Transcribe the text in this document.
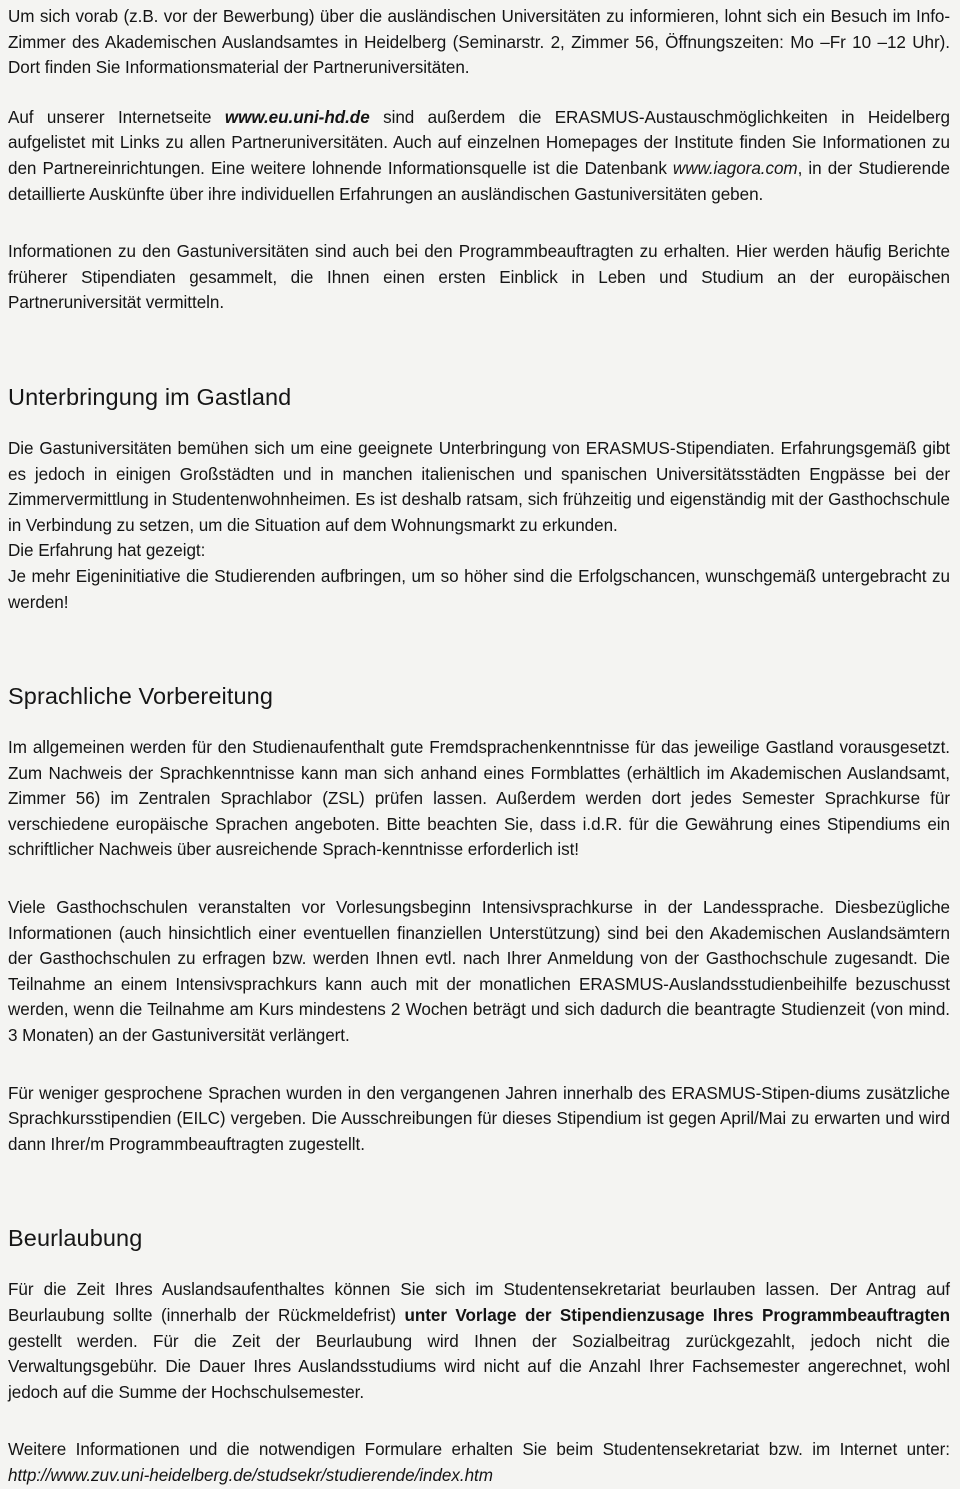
Um sich vorab (z.B. vor der Bewerbung) über die ausländischen Universitäten zu informieren, lohnt sich ein Besuch im Info-Zimmer des Akademischen Auslandsamtes in Heidelberg (Seminarstr. 2, Zimmer 56, Öffnungszeiten: Mo –Fr 10 –12 Uhr). Dort finden Sie Informationsmaterial der Partneruniversitäten.

Auf unserer Internetseite www.eu.uni-hd.de sind außerdem die ERASMUS-Austauschmöglichkeiten in Heidelberg aufgelistet mit Links zu allen Partneruniversitäten. Auch auf einzelnen Homepages der Institute finden Sie Informationen zu den Partnereinrichtungen. Eine weitere lohnende Informationsquelle ist die Datenbank www.iagora.com, in der Studierende detaillierte Auskünfte über ihre individuellen Erfahrungen an ausländischen Gastuniversitäten geben.

Informationen zu den Gastuniversitäten sind auch bei den Programmbeauftragten zu erhalten. Hier werden häufig Berichte früherer Stipendiaten gesammelt, die Ihnen einen ersten Einblick in Leben und Studium an der europäischen Partneruniversität vermitteln.

Unterbringung im Gastland

Die Gastuniversitäten bemühen sich um eine geeignete Unterbringung von ERASMUS-Stipendiaten. Erfahrungsgemäß gibt es jedoch in einigen Großstädten und in manchen italienischen und spanischen Universitätsstädten Engpässe bei der Zimmervermittlung in Studentenwohnheimen. Es ist deshalb ratsam, sich frühzeitig und eigenständig mit der Gasthochschule in Verbindung zu setzen, um die Situation auf dem Wohnungsmarkt zu erkunden.

Die Erfahrung hat gezeigt:

Je mehr Eigeninitiative die Studierenden aufbringen, um so höher sind die Erfolgschancen, wunschgemäß untergebracht zu werden!

Sprachliche Vorbereitung

Im allgemeinen werden für den Studienaufenthalt gute Fremdsprachenkenntnisse für das jeweilige Gastland vorausgesetzt. Zum Nachweis der Sprachkenntnisse kann man sich anhand eines Formblattes (erhältlich im Akademischen Auslandsamt, Zimmer 56) im Zentralen Sprachlabor (ZSL) prüfen lassen. Außerdem werden dort jedes Semester Sprachkurse für verschiedene europäische Sprachen angeboten. Bitte beachten Sie, dass i.d.R. für die Gewährung eines Stipendiums ein schriftlicher Nachweis über ausreichende Sprach-kenntnisse erforderlich ist!

Viele Gasthochschulen veranstalten vor Vorlesungsbeginn Intensivsprachkurse in der Landessprache. Diesbezügliche Informationen (auch hinsichtlich einer eventuellen finanziellen Unterstützung) sind bei den Akademischen Auslandsämtern der Gasthochschulen zu erfragen bzw. werden Ihnen evtl. nach Ihrer Anmeldung von der Gasthochschule zugesandt. Die Teilnahme an einem Intensivsprachkurs kann auch mit der monatlichen ERASMUS-Auslandsstudienbeihilfe bezuschusst werden, wenn die Teilnahme am Kurs mindestens 2 Wochen beträgt und sich dadurch die beantragte Studienzeit (von mind. 3 Monaten) an der Gastuniversität verlängert.

Für weniger gesprochene Sprachen wurden in den vergangenen Jahren innerhalb des ERASMUS-Stipen-diums zusätzliche Sprachkursstipendien (EILC) vergeben. Die Ausschreibungen für dieses Stipendium ist gegen April/Mai zu erwarten und wird dann Ihrer/m Programmbeauftragten zugestellt.

Beurlaubung

Für die Zeit Ihres Auslandsaufenthaltes können Sie sich im Studentensekretariat beurlauben lassen. Der Antrag auf Beurlaubung sollte (innerhalb der Rückmeldefrist) unter Vorlage der Stipendienzusage Ihres Programmbeauftragten gestellt werden. Für die Zeit der Beurlaubung wird Ihnen der Sozialbeitrag zurückgezahlt, jedoch nicht die Verwaltungsgebühr. Die Dauer Ihres Auslandsstudiums wird nicht auf die Anzahl Ihrer Fachsemester angerechnet, wohl jedoch auf die Summe der Hochschulsemester.

Weitere Informationen und die notwendigen Formulare erhalten Sie beim Studentensekretariat bzw. im Internet unter: http://www.zuv.uni-heidelberg.de/studsekr/studierende/index.htm
